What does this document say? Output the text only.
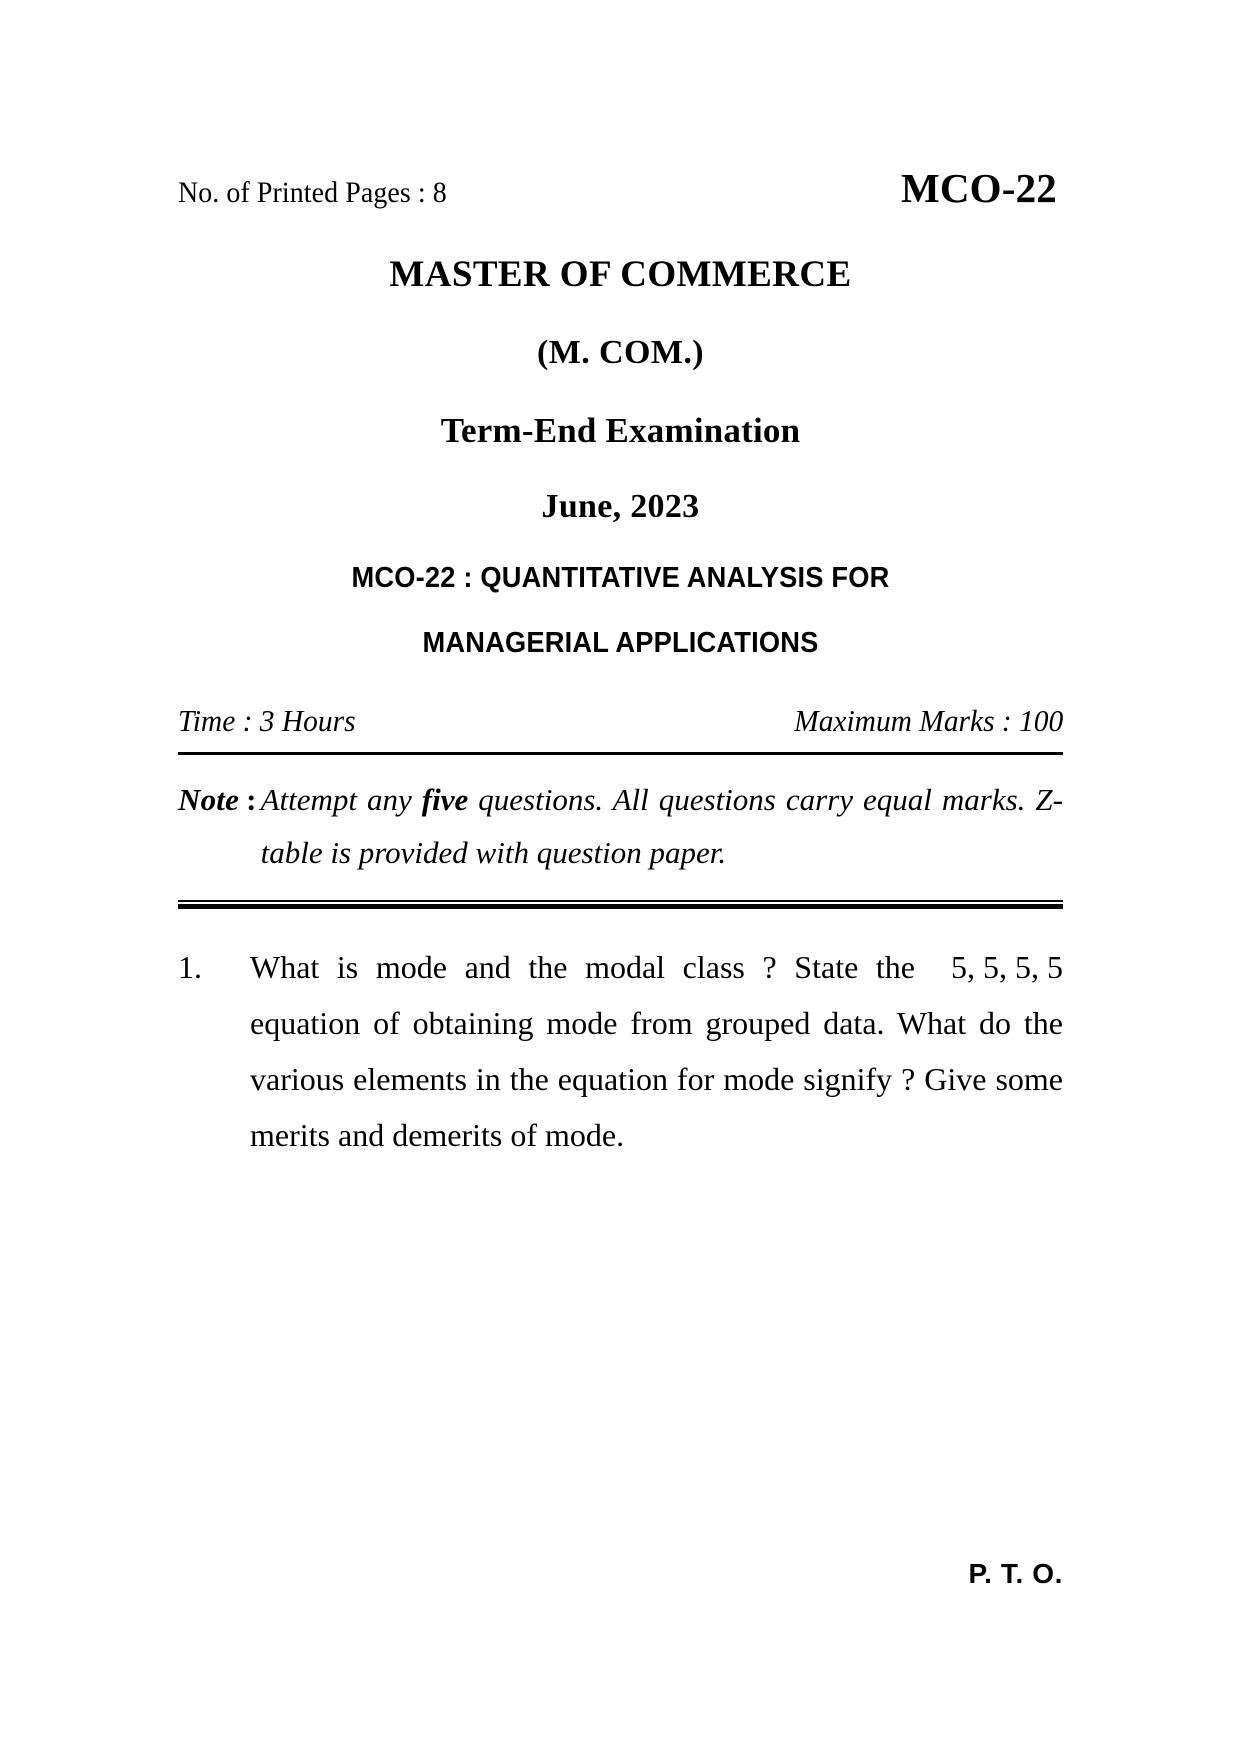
No. of Printed Pages : 8	MCO-22
MASTER OF COMMERCE
(M. COM.)
Term-End Examination
June, 2023
MCO-22 : QUANTITATIVE ANALYSIS FOR
MANAGERIAL APPLICATIONS
Time : 3 Hours	Maximum Marks : 100
Note : Attempt any five questions. All questions carry equal marks. Z-table is provided with question paper.
1.	5, 5, 5, 5
What is mode and the modal class ? State the equation of obtaining mode from grouped data. What do the various elements in the equation for mode signify ? Give some merits and demerits of mode.
P. T. O.
